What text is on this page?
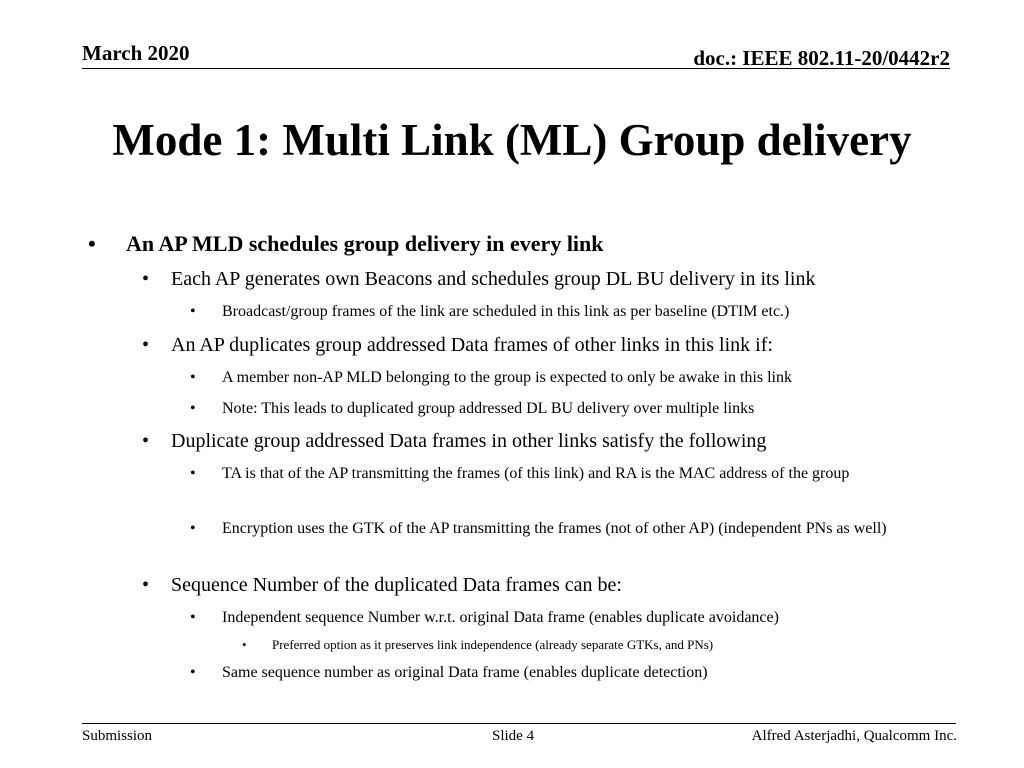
March 2020	doc.: IEEE 802.11-20/0442r2
Mode 1: Multi Link (ML) Group delivery
•	An AP MLD schedules group delivery in every link
•	Each AP generates own Beacons and schedules group DL BU delivery in its link
•	Broadcast/group frames of the link are scheduled in this link as per baseline (DTIM etc.)
•	An AP duplicates group addressed Data frames of other links in this link if:
•	A member non-AP MLD belonging to the group is expected to only be awake in this link
•	Note: This leads to duplicated group addressed DL BU delivery over multiple links
•	Duplicate group addressed Data frames in other links satisfy the following
•	TA is that of the AP transmitting the frames (of this link) and RA is the MAC address of the group
•	Encryption uses the GTK of the AP transmitting the frames (not of other AP) (independent PNs as well)
•	Sequence Number of the duplicated Data frames can be:
•	Independent sequence Number w.r.t. original Data frame (enables duplicate avoidance)
•	Preferred option as it preserves link independence (already separate GTKs, and PNs)
•	Same sequence number as original Data frame (enables duplicate detection)
Submission	Slide 4	Alfred Asterjadhi, Qualcomm Inc.
